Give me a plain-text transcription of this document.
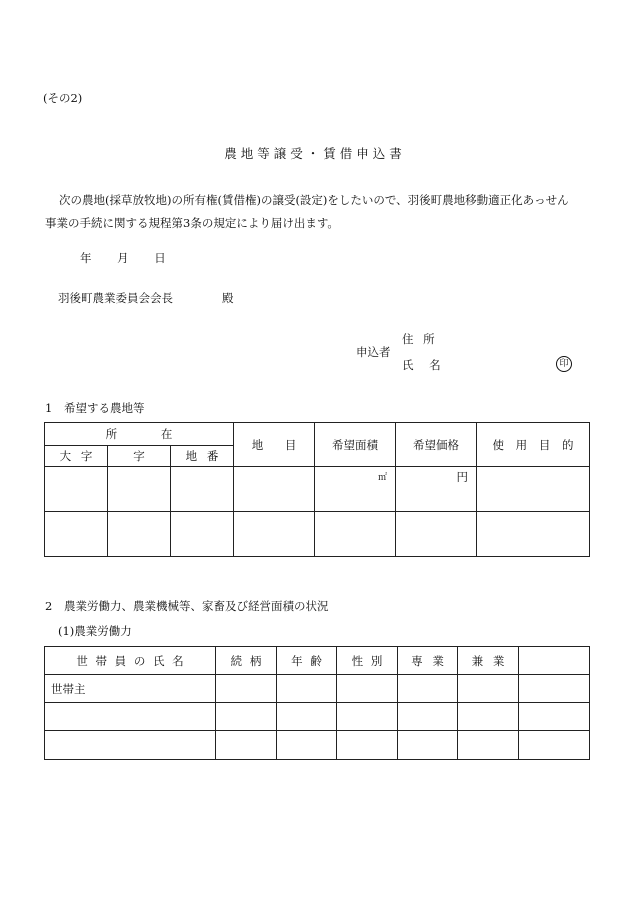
(その2)
農地等譲受・賃借申込書
次の農地(採草放牧地)の所有権(賃借権)の譲受(設定)をしたいので、羽後町農地移動適正化あっせん
事業の手続に関する規程第3条の規定により届け出ます。
年 月 日
羽後町農業委員会会長	殿
申込者
住 所
氏 名	印
1 希望する農地等
所 在			地 目	希望面積	希望価格	使 用 目 的
大 字	字	地 番				
				㎡	円	

2 農業労働力、農業機械等、家畜及び経営面積の状況
(1)農業労働力
世 帯 員 の 氏 名	続 柄	年 齢	性 別	専 業	兼 業	
世帯主						
